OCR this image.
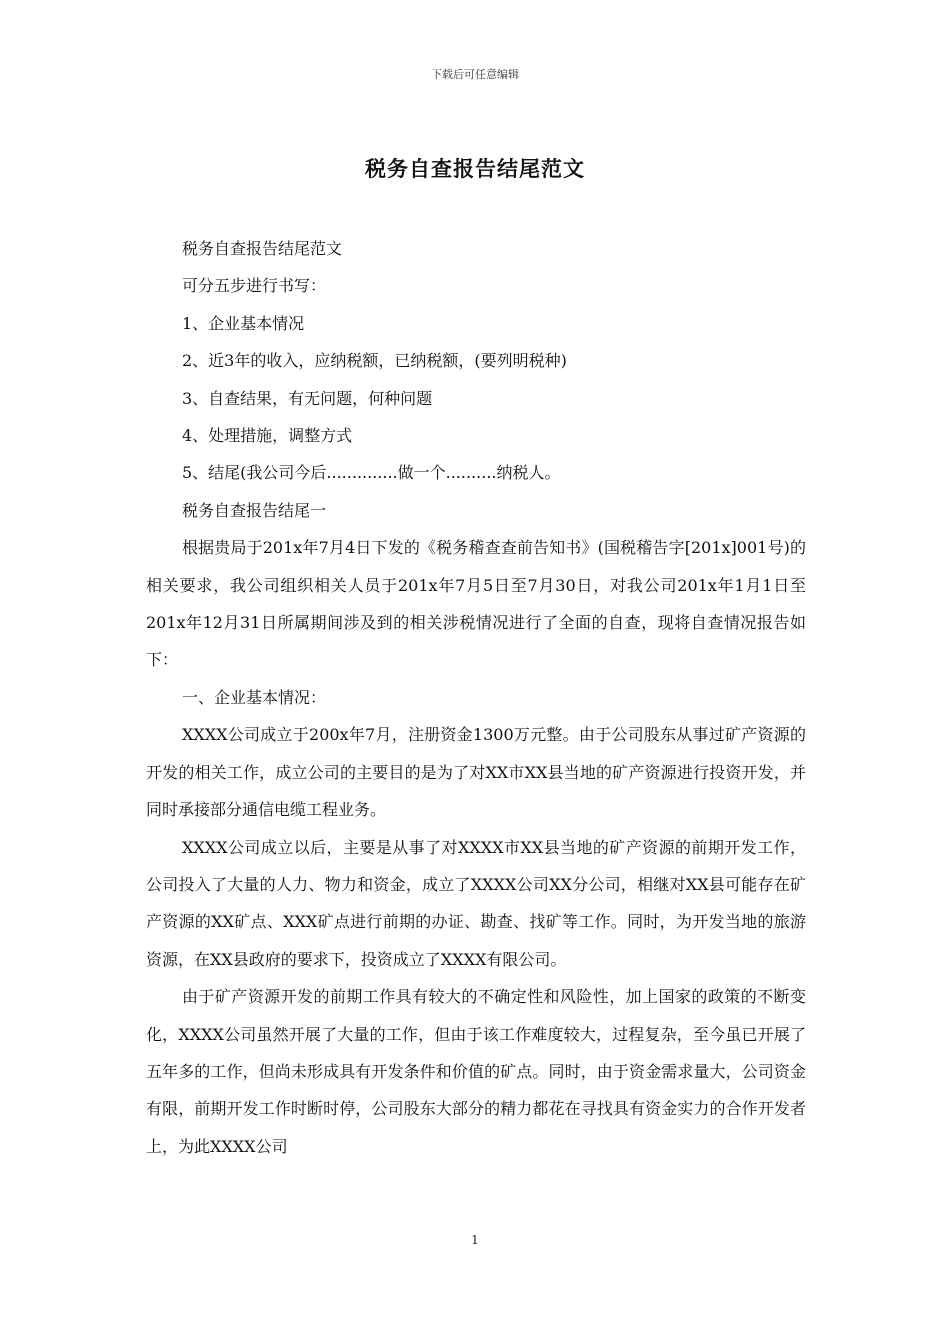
下载后可任意编辑
税务自查报告结尾范文

税务自查报告结尾范文

可分五步进行书写：

1、企业基本情况

2、近3年的收入，应纳税额，已纳税额，(要列明税种)

3、自查结果，有无问题，何种问题

4、处理措施，调整方式

5、结尾(我公司今后..............做一个..........纳税人。

税务自查报告结尾一

根据贵局于201x年7月4日下发的《税务稽查查前告知书》(国税稽告字[201x]001号)的相关要求，我公司组织相关人员于201x年7月5日至7月30日，对我公司201x年1月1日至201x年12月31日所属期间涉及到的相关涉税情况进行了全面的自查，现将自查情况报告如下：

一、企业基本情况：

XXXX公司成立于200x年7月，注册资金1300万元整。由于公司股东从事过矿产资源的开发的相关工作，成立公司的主要目的是为了对XX市XX县当地的矿产资源进行投资开发，并同时承接部分通信电缆工程业务。

XXXX公司成立以后，主要是从事了对XXXX市XX县当地的矿产资源的前期开发工作，公司投入了大量的人力、物力和资金，成立了XXXX公司XX分公司，相继对XX县可能存在矿产资源的XX矿点、XXX矿点进行前期的办证、勘查、找矿等工作。同时，为开发当地的旅游资源，在XX县政府的要求下，投资成立了XXXX有限公司。

由于矿产资源开发的前期工作具有较大的不确定性和风险性，加上国家的政策的不断变化，XXXX公司虽然开展了大量的工作，但由于该工作难度较大，过程复杂，至今虽已开展了五年多的工作，但尚未形成具有开发条件和价值的矿点。同时，由于资金需求量大，公司资金有限，前期开发工作时断时停，公司股东大部分的精力都花在寻找具有资金实力的合作开发者上，为此XXXX公司

1
